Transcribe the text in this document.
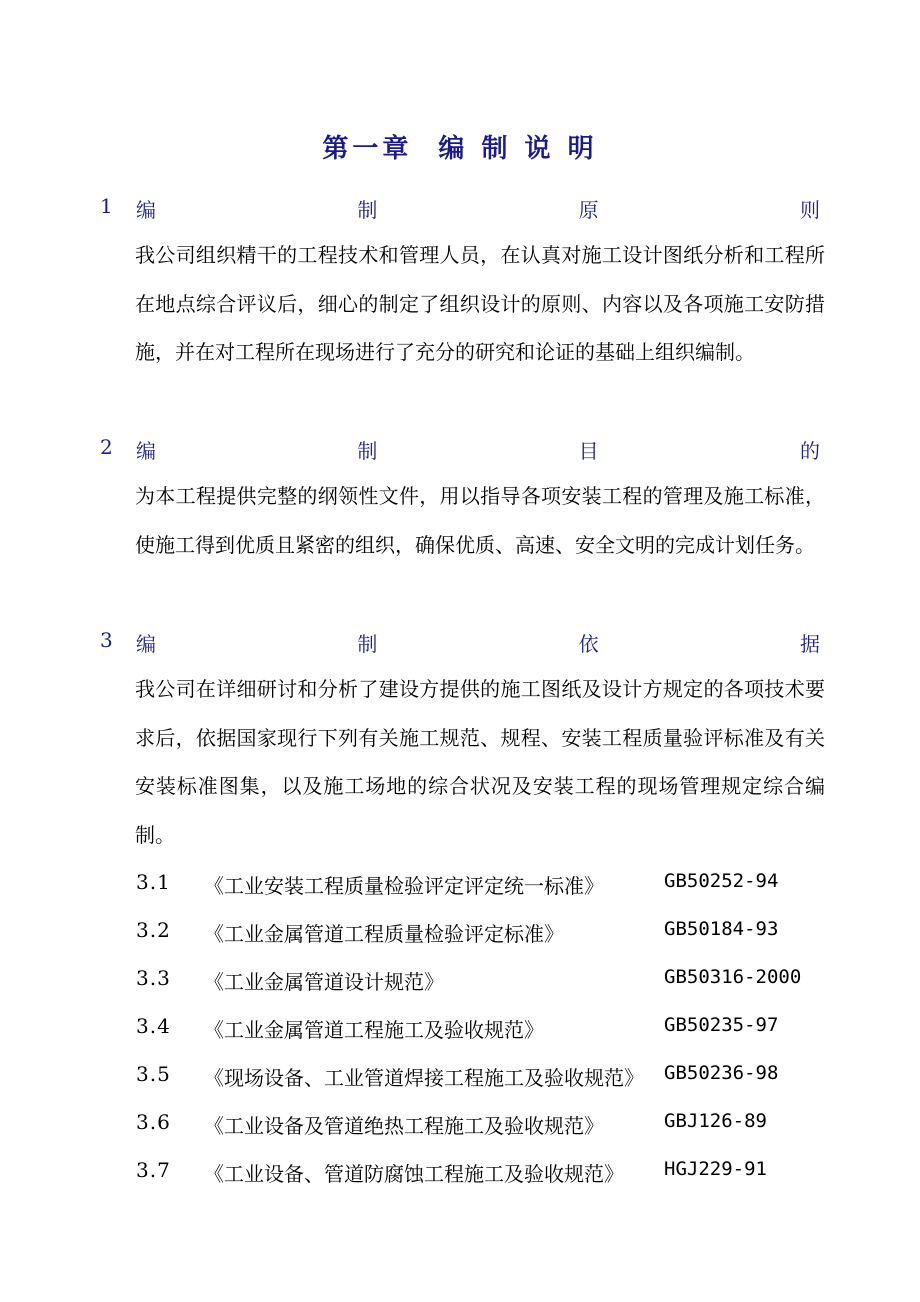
第一章 编 制 说 明
1 编	制	原	则
我公司组织精干的工程技术和管理人员，在认真对施工设计图纸分析和工程所在地点综合评议后，细心的制定了组织设计的原则、内容以及各项施工安防措施，并在对工程所在现场进行了充分的研究和论证的基础上组织编制。
2 编	制	目	的
为本工程提供完整的纲领性文件，用以指导各项安装工程的管理及施工标准，使施工得到优质且紧密的组织，确保优质、高速、安全文明的完成计划任务。
3 编	制	依	据
我公司在详细研讨和分析了建设方提供的施工图纸及设计方规定的各项技术要求后，依据国家现行下列有关施工规范、规程、安装工程质量验评标准及有关安装标准图集，以及施工场地的综合状况及安装工程的现场管理规定综合编制。
3.1 《工业安装工程质量检验评定评定统一标准》	GB50252-94
3.2 《工业金属管道工程质量检验评定标准》	GB50184-93
3.3 《工业金属管道设计规范》	GB50316-2000
3.4 《工业金属管道工程施工及验收规范》	GB50235-97
3.5 《现场设备、工业管道焊接工程施工及验收规范》 GB50236-98
3.6 《工业设备及管道绝热工程施工及验收规范》	GBJ126-89
3.7 《工业设备、管道防腐蚀工程施工及验收规范》 HGJ229-91
